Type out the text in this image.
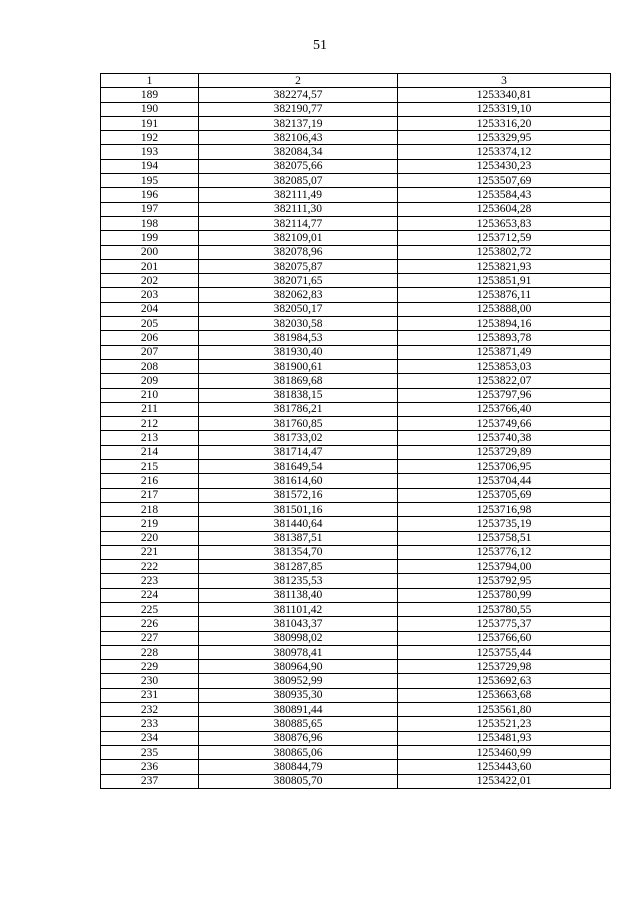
51
1	2	3
189	382274,57	1253340,81
190	382190,77	1253319,10
191	382137,19	1253316,20
192	382106,43	1253329,95
193	382084,34	1253374,12
194	382075,66	1253430,23
195	382085,07	1253507,69
196	382111,49	1253584,43
197	382111,30	1253604,28
198	382114,77	1253653,83
199	382109,01	1253712,59
200	382078,96	1253802,72
201	382075,87	1253821,93
202	382071,65	1253851,91
203	382062,83	1253876,11
204	382050,17	1253888,00
205	382030,58	1253894,16
206	381984,53	1253893,78
207	381930,40	1253871,49
208	381900,61	1253853,03
209	381869,68	1253822,07
210	381838,15	1253797,96
211	381786,21	1253766,40
212	381760,85	1253749,66
213	381733,02	1253740,38
214	381714,47	1253729,89
215	381649,54	1253706,95
216	381614,60	1253704,44
217	381572,16	1253705,69
218	381501,16	1253716,98
219	381440,64	1253735,19
220	381387,51	1253758,51
221	381354,70	1253776,12
222	381287,85	1253794,00
223	381235,53	1253792,95
224	381138,40	1253780,99
225	381101,42	1253780,55
226	381043,37	1253775,37
227	380998,02	1253766,60
228	380978,41	1253755,44
229	380964,90	1253729,98
230	380952,99	1253692,63
231	380935,30	1253663,68
232	380891,44	1253561,80
233	380885,65	1253521,23
234	380876,96	1253481,93
235	380865,06	1253460,99
236	380844,79	1253443,60
237	380805,70	1253422,01
